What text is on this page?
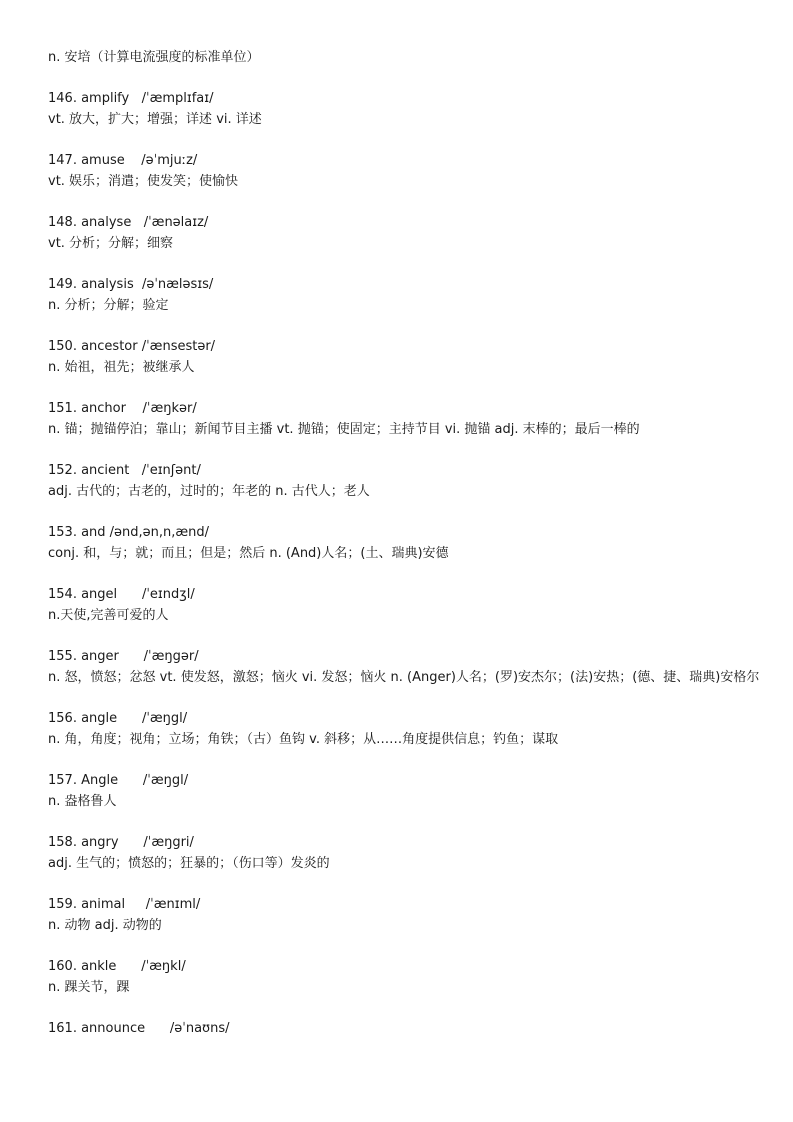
n. 安培（计算电流强度的标准单位）
146. amplify   /ˈæmplɪfaɪ/
vt. 放大，扩大；增强；详述 vi. 详述
147. amuse    /əˈmjuːz/
vt. 娱乐；消遣；使发笑；使愉快
148. analyse   /ˈænəlaɪz/
vt. 分析；分解；细察
149. analysis  /əˈnæləsɪs/
n. 分析；分解；验定
150. ancestor /ˈænsestər/
n. 始祖，祖先；被继承人
151. anchor    /ˈæŋkər/
n. 锚；抛锚停泊；靠山；新闻节目主播 vt. 抛锚；使固定；主持节目 vi. 抛锚 adj. 末棒的；最后一棒的
152. ancient   /ˈeɪnʃənt/
adj. 古代的；古老的，过时的；年老的 n. 古代人；老人
153. and /ənd,ən,n,ænd/
conj. 和，与；就；而且；但是；然后 n. (And)人名；(土、瑞典)安德
154. angel      /ˈeɪndʒl/
n.天使,完善可爱的人
155. anger      /ˈæŋgər/
n. 怒，愤怒；忿怒 vt. 使发怒，激怒；恼火 vi. 发怒；恼火 n. (Anger)人名；(罗)安杰尔；(法)安热；(德、捷、瑞典)安格尔
156. angle      /ˈæŋgl/
n. 角，角度；视角；立场；角铁；（古）鱼钩 v. 斜移；从……角度提供信息；钓鱼；谋取
157. Angle      /ˈæŋgl/
n. 盎格鲁人
158. angry      /ˈæŋgri/
adj. 生气的；愤怒的；狂暴的；（伤口等）发炎的
159. animal     /ˈænɪml/
n. 动物 adj. 动物的
160. ankle      /ˈæŋkl/
n. 踝关节，踝
161. announce      /əˈnaʊns/
